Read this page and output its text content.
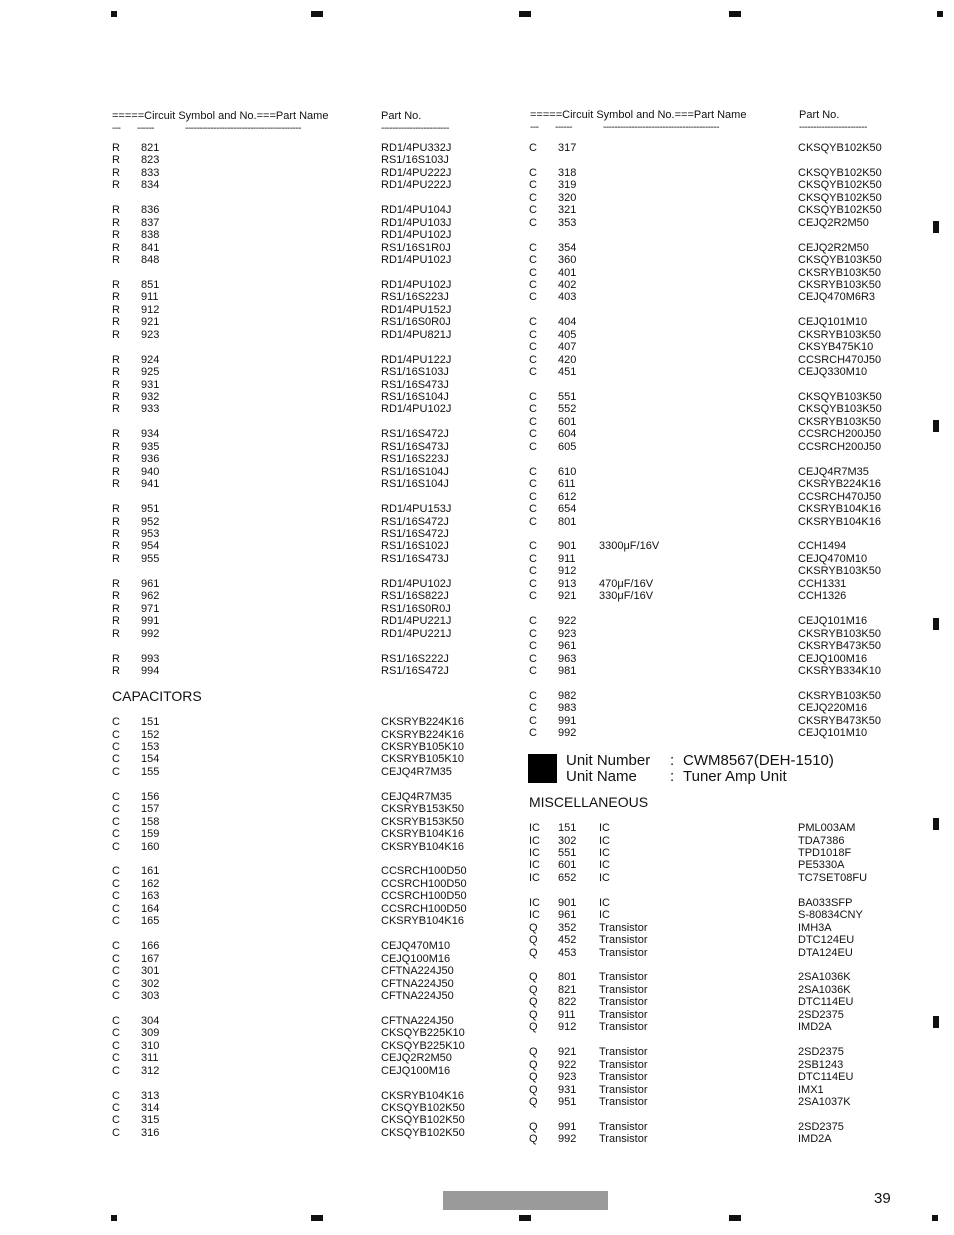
=====Circuit Symbol and No.===Part Name	Part No.
--- ------	-----------------------------------------	------------------------
=====Circuit Symbol and No.===Part Name	Part No.
--- ------	-----------------------------------------	------------------------
CAPACITORS
MISCELLANEOUS

Unit Number

:

CWM8567(DEH-1510)

Unit Name

:

Tuner Amp Unit

39
R 821	RD1/4PU332J
R 823	RS1/16S103J
R 833	RD1/4PU222J
R 834	RD1/4PU222J
R 836	RD1/4PU104J
R 837	RD1/4PU103J
R 838	RD1/4PU102J
R 841	RS1/16S1R0J
R 848	RD1/4PU102J
R 851	RD1/4PU102J
R 911	RS1/16S223J
R 912	RD1/4PU152J
R 921	RS1/16S0R0J
R 923	RD1/4PU821J
R 924	RD1/4PU122J
R 925	RS1/16S103J
R 931	RS1/16S473J
R 932	RS1/16S104J
R 933	RD1/4PU102J
R 934	RS1/16S472J
R 935	RS1/16S473J
R 936	RS1/16S223J
R 940	RS1/16S104J
R 941	RS1/16S104J
R 951	RD1/4PU153J
R 952	RS1/16S472J
R 953	RS1/16S472J
R 954	RS1/16S102J
R 955	RS1/16S473J
R 961	RD1/4PU102J
R 962	RS1/16S822J
R 971	RS1/16S0R0J
R 991	RD1/4PU221J
R 992	RD1/4PU221J
R 993	RS1/16S222J
R 994	RS1/16S472J
C 151	CKSRYB224K16
C 152	CKSRYB224K16
C 153	CKSRYB105K10
C 154	CKSRYB105K10
C 155	CEJQ4R7M35
C 156	CEJQ4R7M35
C 157	CKSRYB153K50
C 158	CKSRYB153K50
C 159	CKSRYB104K16
C 160	CKSRYB104K16
C 161	CCSRCH100D50
C 162	CCSRCH100D50
C 163	CCSRCH100D50
C 164	CCSRCH100D50
C 165	CKSRYB104K16
C 166	CEJQ470M10
C 167	CEJQ100M16
C 301	CFTNA224J50
C 302	CFTNA224J50
C 303	CFTNA224J50
C 304	CFTNA224J50
C 309	CKSQYB225K10
C 310	CKSQYB225K10
C 311	CEJQ2R2M50
C 312	CEJQ100M16
C 313	CKSRYB104K16
C 314	CKSQYB102K50
C 315	CKSQYB102K50
C 316	CKSQYB102K50
C 317	CKSQYB102K50
C 318	CKSQYB102K50
C 319	CKSQYB102K50
C 320	CKSQYB102K50
C 321	CKSQYB102K50
C 353	CEJQ2R2M50
C 354	CEJQ2R2M50
C 360	CKSQYB103K50
C 401	CKSRYB103K50
C 402	CKSRYB103K50
C 403	CEJQ470M6R3
C 404	CEJQ101M10
C 405	CKSRYB103K50
C 407	CKSYB475K10
C 420	CCSRCH470J50
C 451	CEJQ330M10
C 551	CKSQYB103K50
C 552	CKSQYB103K50
C 601	CKSRYB103K50
C 604	CCSRCH200J50
C 605	CCSRCH200J50
C 610	CEJQ4R7M35
C 611	CKSRYB224K16
C 612	CCSRCH470J50
C 654	CKSRYB104K16
C 801	CKSRYB104K16
C 901 3300μF/16V	CCH1494
C 911	CEJQ470M10
C 912	CKSRYB103K50
C 913 470μF/16V	CCH1331
C 921 330μF/16V	CCH1326
C 922	CEJQ101M16
C 923	CKSRYB103K50
C 961	CKSRYB473K50
C 963	CEJQ100M16
C 981	CKSRYB334K10
C 982	CKSRYB103K50
C 983	CEJQ220M16
C 991	CKSRYB473K50
C 992	CEJQ101M10
IC 151 IC	PML003AM
IC 302 IC	TDA7386
IC 551 IC	TPD1018F
IC 601 IC	PE5330A
IC 652 IC	TC7SET08FU
IC 901 IC	BA033SFP
IC 961 IC	S-80834CNY
Q 352 Transistor	IMH3A
Q 452 Transistor	DTC124EU
Q 453 Transistor	DTA124EU
Q 801 Transistor	2SA1036K
Q 821 Transistor	2SA1036K
Q 822 Transistor	DTC114EU
Q 911 Transistor	2SD2375
Q 912 Transistor	IMD2A
Q 921 Transistor	2SD2375
Q 922 Transistor	2SB1243
Q 923 Transistor	DTC114EU
Q 931 Transistor	IMX1
Q 951 Transistor	2SA1037K
Q 991 Transistor	2SD2375
Q 992 Transistor	IMD2A
